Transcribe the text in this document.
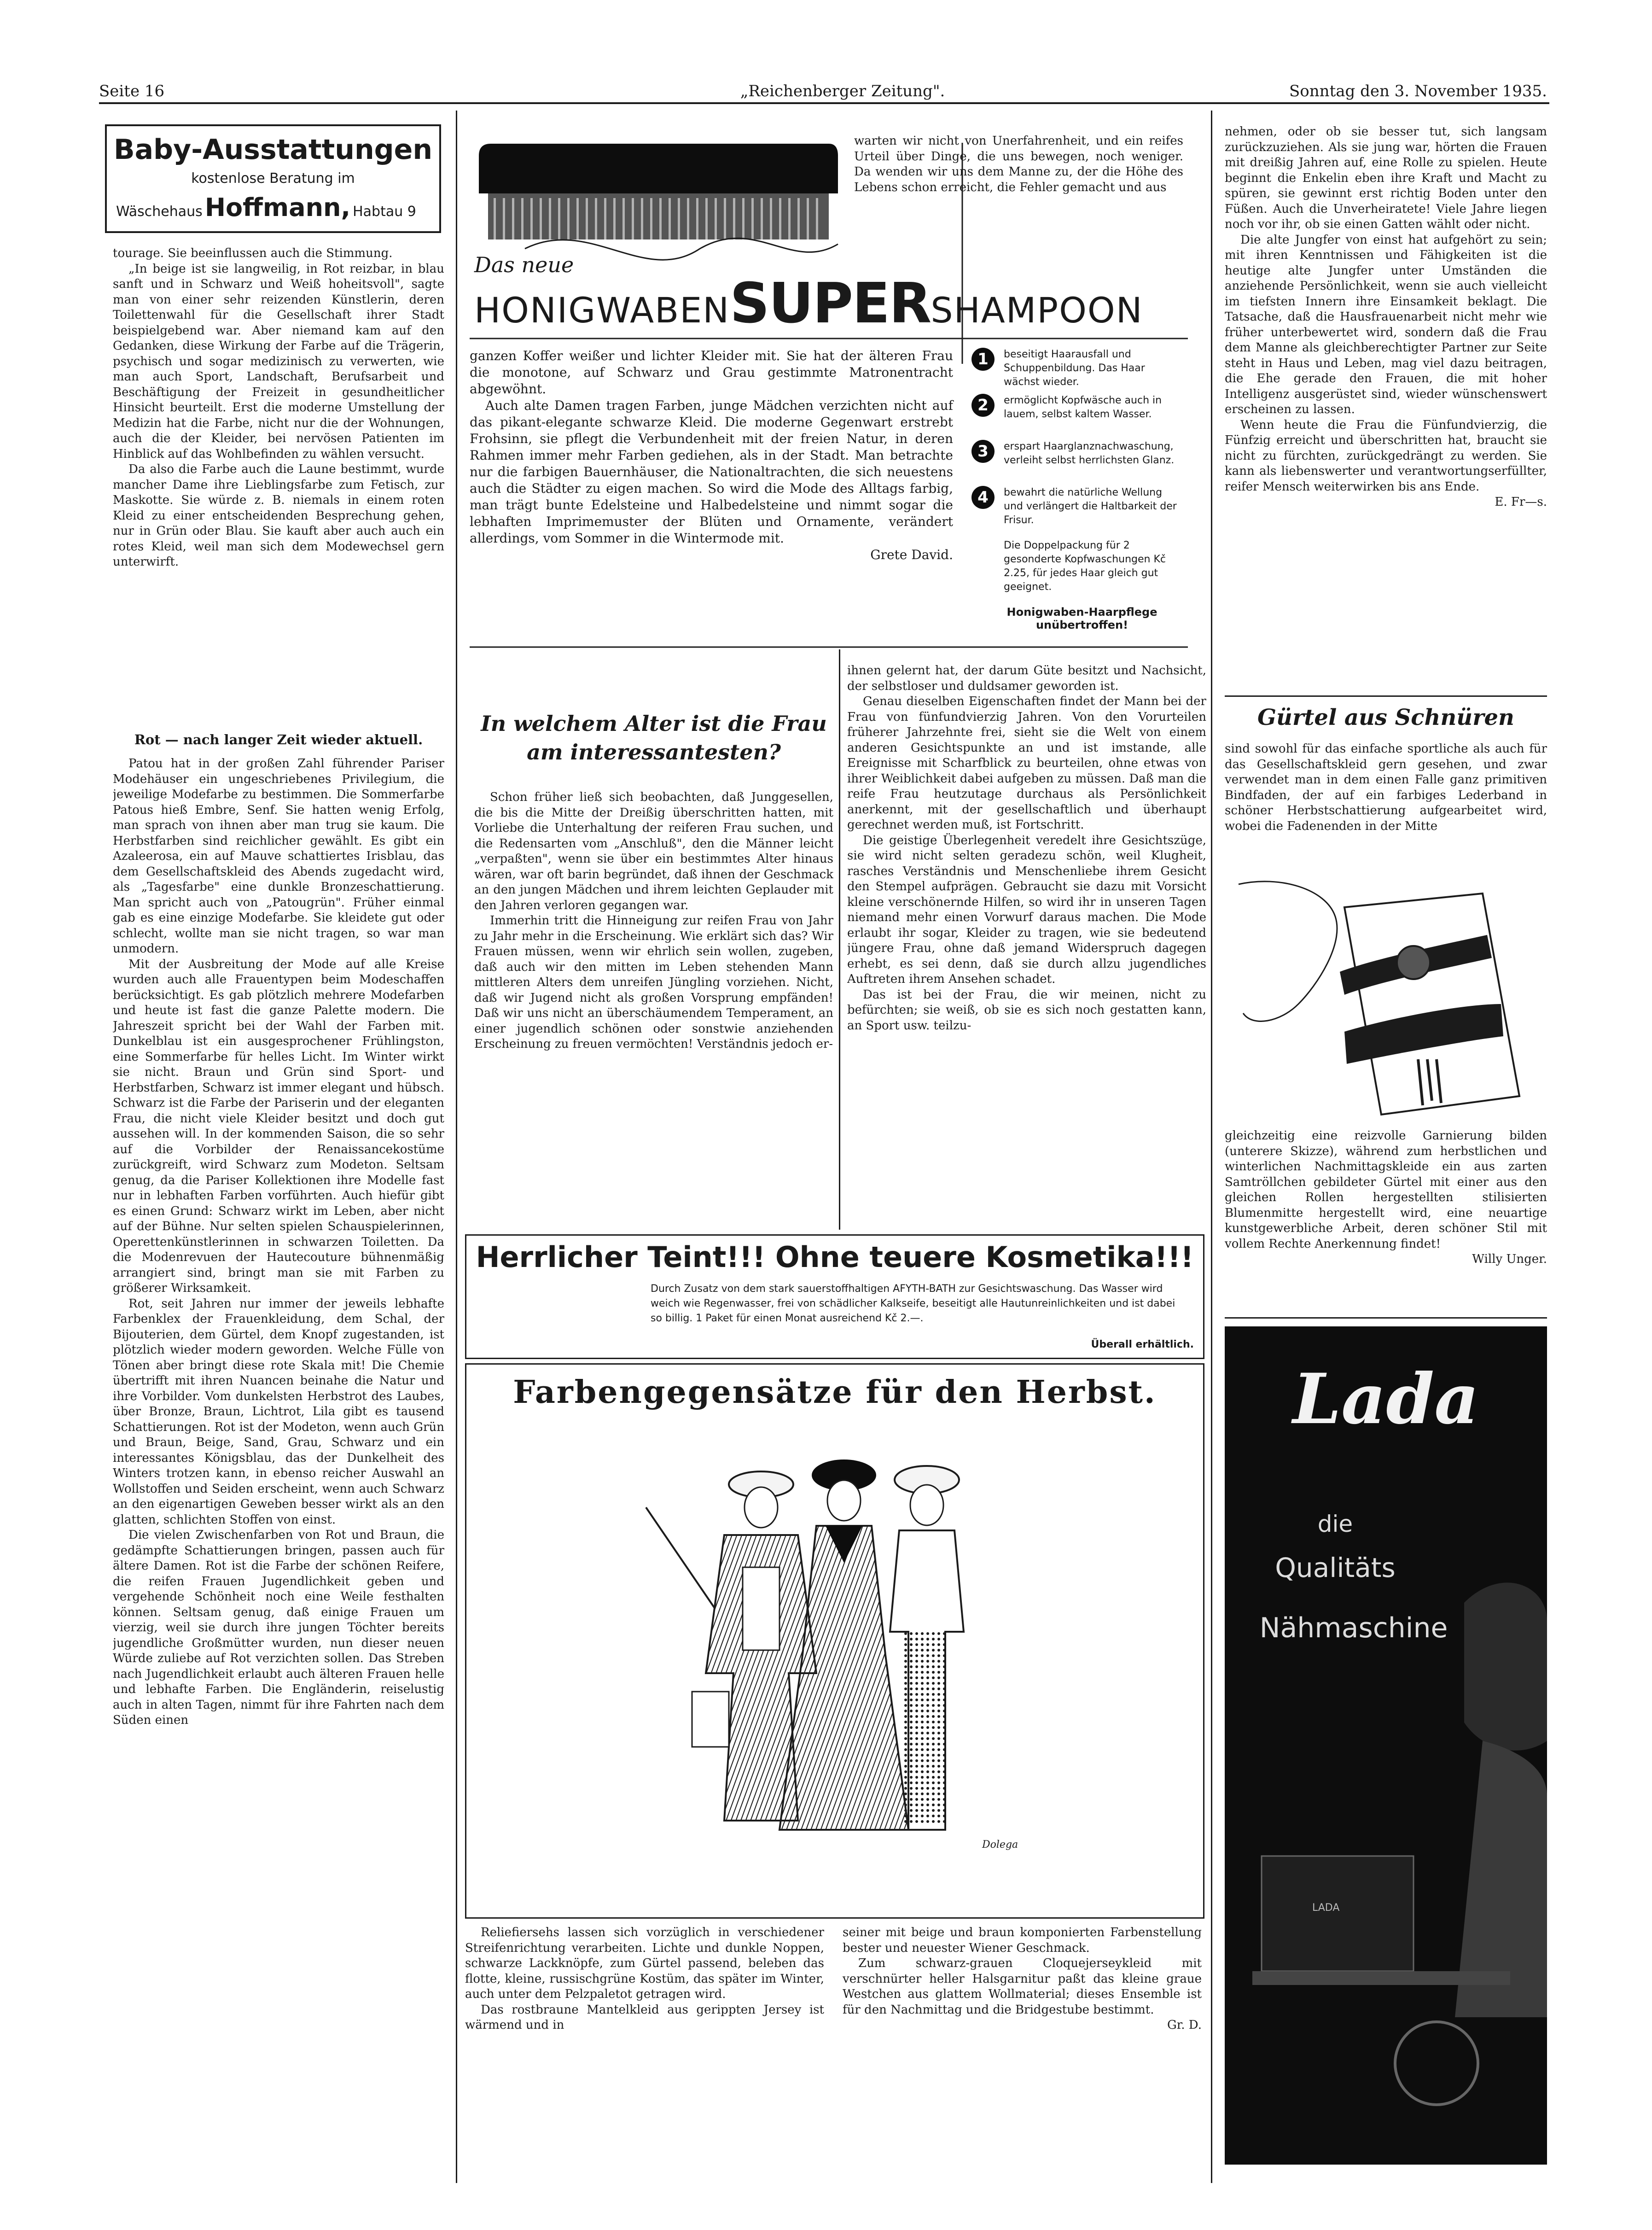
Seite 16	„Reichenberger Zeitung".	Sonntag den 3. November 1935.
Baby-Ausstattungen
kostenlose Beratung im
Wäschehaus Hoffmann, Habtau 9

tourage. Sie beeinflussen auch die Stimmung.

„In beige ist sie langweilig, in Rot reizbar, in blau sanft und in Schwarz und Weiß hoheitsvoll", sagte man von einer sehr reizenden Künstlerin, deren Toilettenwahl für die Gesellschaft ihrer Stadt beispielgebend war. Aber niemand kam auf den Gedanken, diese Wirkung der Farbe auf die Trägerin, psychisch und sogar medizinisch zu verwerten, wie man auch Sport, Landschaft, Berufsarbeit und Beschäftigung der Freizeit in gesundheitlicher Hinsicht beurteilt. Erst die moderne Umstellung der Medizin hat die Farbe, nicht nur die der Wohnungen, auch die der Kleider, bei nervösen Patienten im Hinblick auf das Wohlbefinden zu wählen versucht.

Da also die Farbe auch die Laune bestimmt, wurde mancher Dame ihre Lieblingsfarbe zum Fetisch, zur Maskotte. Sie würde z. B. niemals in einem roten Kleid zu einer entscheidenden Besprechung gehen, nur in Grün oder Blau. Sie kauft aber auch auch ein rotes Kleid, weil man sich dem Modewechsel gern unterwirft.

Rot — nach langer Zeit wieder aktuell.

Patou hat in der großen Zahl führender Pariser Modehäuser ein ungeschriebenes Privilegium, die jeweilige Modefarbe zu bestimmen. Die Sommerfarbe Patous hieß Embre, Senf. Sie hatten wenig Erfolg, man sprach von ihnen aber man trug sie kaum. Die Herbstfarben sind reichlicher gewählt. Es gibt ein Azaleerosa, ein auf Mauve schattiertes Irisblau, das dem Gesellschaftskleid des Abends zugedacht wird, als „Tagesfarbe" eine dunkle Bronzeschattierung. Man spricht auch von „Patougrün". Früher einmal gab es eine einzige Modefarbe. Sie kleidete gut oder schlecht, wollte man sie nicht tragen, so war man unmodern.

Mit der Ausbreitung der Mode auf alle Kreise wurden auch alle Frauentypen beim Modeschaffen berücksichtigt. Es gab plötzlich mehrere Modefarben und heute ist fast die ganze Palette modern. Die Jahreszeit spricht bei der Wahl der Farben mit. Dunkelblau ist ein ausgesprochener Frühlingston, eine Sommerfarbe für helles Licht. Im Winter wirkt sie nicht. Braun und Grün sind Sport- und Herbstfarben, Schwarz ist immer elegant und hübsch. Schwarz ist die Farbe der Pariserin und der eleganten Frau, die nicht viele Kleider besitzt und doch gut aussehen will. In der kommenden Saison, die so sehr auf die Vorbilder der Renaissancekostüme zurückgreift, wird Schwarz zum Modeton. Seltsam genug, da die Pariser Kollektionen ihre Modelle fast nur in lebhaften Farben vorführten. Auch hiefür gibt es einen Grund: Schwarz wirkt im Leben, aber nicht auf der Bühne. Nur selten spielen Schauspielerinnen, Operettenkünstlerinnen in schwarzen Toiletten. Da die Modenrevuen der Hautecouture bühnenmäßig arrangiert sind, bringt man sie mit Farben zu größerer Wirksamkeit.

Rot, seit Jahren nur immer der jeweils lebhafte Farbenklex der Frauenkleidung, dem Schal, der Bijouterien, dem Gürtel, dem Knopf zugestanden, ist plötzlich wieder modern geworden. Welche Fülle von Tönen aber bringt diese rote Skala mit! Die Chemie übertrifft mit ihren Nuancen beinahe die Natur und ihre Vorbilder. Vom dunkelsten Herbstrot des Laubes, über Bronze, Braun, Lichtrot, Lila gibt es tausend Schattierungen. Rot ist der Modeton, wenn auch Grün und Braun, Beige, Sand, Grau, Schwarz und ein interessantes Königsblau, das der Dunkelheit des Winters trotzen kann, in ebenso reicher Auswahl an Wollstoffen und Seiden erscheint, wenn auch Schwarz an den eigenartigen Geweben besser wirkt als an den glatten, schlichten Stoffen von einst.

Die vielen Zwischenfarben von Rot und Braun, die gedämpfte Schattierungen bringen, passen auch für ältere Damen. Rot ist die Farbe der schönen Reifere, die reifen Frauen Jugendlichkeit geben und vergehende Schönheit noch eine Weile festhalten können. Seltsam genug, daß einige Frauen um vierzig, weil sie durch ihre jungen Töchter bereits jugendliche Großmütter wurden, nun dieser neuen Würde zuliebe auf Rot verzichten sollen. Das Streben nach Jugendlichkeit erlaubt auch älteren Frauen helle und lebhafte Farben. Die Engländerin, reiselustig auch in alten Tagen, nimmt für ihre Fahrten nach dem Süden einen

Das neue
HONIGWABENSUPERSHAMPOON

ganzen Koffer weißer und lichter Kleider mit. Sie hat der älteren Frau die monotone, auf Schwarz und Grau gestimmte Matronentracht abgewöhnt.

Auch alte Damen tragen Farben, junge Mädchen verzichten nicht auf das pikant-elegante schwarze Kleid. Die moderne Gegenwart erstrebt Frohsinn, sie pflegt die Verbundenheit mit der freien Natur, in deren Rahmen immer mehr Farben gediehen, als in der Stadt. Man betrachte nur die farbigen Bauernhäuser, die Nationaltrachten, die sich neuestens auch die Städter zu eigen machen. So wird die Mode des Alltags farbig, man trägt bunte Edelsteine und Halbedelsteine und nimmt sogar die lebhaften Imprimemuster der Blüten und Ornamente, verändert allerdings, vom Sommer in die Wintermode mit.

Grete David.

warten wir nicht von Unerfahrenheit, und ein reifes Urteil über Dinge, die uns bewegen, noch weniger. Da wenden wir uns dem Manne zu, der die Höhe des Lebens schon erreicht, die Fehler gemacht und aus

1	beseitigt Haarausfall und Schuppenbildung. Das Haar wächst wieder.
2	ermöglicht Kopfwäsche auch in lauem, selbst kaltem Wasser.
3	erspart Haarglanznachwaschung, verleiht selbst herrlichsten Glanz.
4	bewahrt die natürliche Wellung und verlängert die Haltbarkeit der Frisur.
Die Doppelpackung für 2 gesonderte Kopfwaschungen Kč 2.25, für jedes Haar gleich gut geeignet.
Honigwaben-Haarpflege unübertroffen!
In welchem Alter ist die Frau am interessantesten?

Schon früher ließ sich beobachten, daß Junggesellen, die bis die Mitte der Dreißig überschritten hatten, mit Vorliebe die Unterhaltung der reiferen Frau suchen, und die Redensarten vom „Anschluß", den die Männer leicht „verpaßten", wenn sie über ein bestimmtes Alter hinaus wären, war oft barin begründet, daß ihnen der Geschmack an den jungen Mädchen und ihrem leichten Geplauder mit den Jahren verloren gegangen war.

Immerhin tritt die Hinneigung zur reifen Frau von Jahr zu Jahr mehr in die Erscheinung. Wie erklärt sich das? Wir Frauen müssen, wenn wir ehrlich sein wollen, zugeben, daß auch wir den mitten im Leben stehenden Mann mittleren Alters dem unreifen Jüngling vorziehen. Nicht, daß wir Jugend nicht als großen Vorsprung empfänden! Daß wir uns nicht an überschäumendem Temperament, an einer jugendlich schönen oder sonstwie anziehenden Erscheinung zu freuen vermöchten! Verständnis jedoch er-

ihnen gelernt hat, der darum Güte besitzt und Nachsicht, der selbstloser und duldsamer geworden ist.

Genau dieselben Eigenschaften findet der Mann bei der Frau von fünfundvierzig Jahren. Von den Vorurteilen früherer Jahrzehnte frei, sieht sie die Welt von einem anderen Gesichtspunkte an und ist imstande, alle Ereignisse mit Scharfblick zu beurteilen, ohne etwas von ihrer Weiblichkeit dabei aufgeben zu müssen. Daß man die reife Frau heutzutage durchaus als Persönlichkeit anerkennt, mit der gesellschaftlich und überhaupt gerechnet werden muß, ist Fortschritt.

Die geistige Überlegenheit veredelt ihre Gesichtszüge, sie wird nicht selten geradezu schön, weil Klugheit, rasches Verständnis und Menschenliebe ihrem Gesicht den Stempel aufprägen. Gebraucht sie dazu mit Vorsicht kleine verschönernde Hilfen, so wird ihr in unseren Tagen niemand mehr einen Vorwurf daraus machen. Die Mode erlaubt ihr sogar, Kleider zu tragen, wie sie bedeutend jüngere Frau, ohne daß jemand Widerspruch dagegen erhebt, es sei denn, daß sie durch allzu jugendliches Auftreten ihrem Ansehen schadet.

Das ist bei der Frau, die wir meinen, nicht zu befürchten; sie weiß, ob sie es sich noch gestatten kann, an Sport usw. teilzu-

Herrlicher Teint!!! Ohne teuere Kosmetika!!!
Durch Zusatz von dem stark sauerstoffhaltigen AFYTH-BATH zur Gesichtswaschung. Das Wasser wird weich wie Regenwasser, frei von schädlicher Kalkseife, beseitigt alle Hautunreinlichkeiten und ist dabei so billig. 1 Paket für einen Monat ausreichend Kč 2.—.
Überall erhältlich.
Farbengegensätze für den Herbst.
Dolega

Reliefiersehs lassen sich vorzüglich in verschiedener Streifenrichtung verarbeiten. Lichte und dunkle Noppen, schwarze Lackknöpfe, zum Gürtel passend, beleben das flotte, kleine, russischgrüne Kostüm, das später im Winter, auch unter dem Pelzpaletot getragen wird.

Das rostbraune Mantelkleid aus gerippten Jersey ist wärmend und in

seiner mit beige und braun komponierten Farbenstellung bester und neuester Wiener Geschmack.

Zum schwarz-grauen Cloquejerseykleid mit verschnürter heller Halsgarnitur paßt das kleine graue Westchen aus glattem Wollmaterial; dieses Ensemble ist für den Nachmittag und die Bridgestube bestimmt.

Gr. D.

nehmen, oder ob sie besser tut, sich langsam zurückzuziehen. Als sie jung war, hörten die Frauen mit dreißig Jahren auf, eine Rolle zu spielen. Heute beginnt die Enkelin eben ihre Kraft und Macht zu spüren, sie gewinnt erst richtig Boden unter den Füßen. Auch die Unverheiratete! Viele Jahre liegen noch vor ihr, ob sie einen Gatten wählt oder nicht.

Die alte Jungfer von einst hat aufgehört zu sein; mit ihren Kenntnissen und Fähigkeiten ist die heutige alte Jungfer unter Umständen die anziehende Persönlichkeit, wenn sie auch vielleicht im tiefsten Innern ihre Einsamkeit beklagt. Die Tatsache, daß die Hausfrauenarbeit nicht mehr wie früher unterbewertet wird, sondern daß die Frau dem Manne als gleichberechtigter Partner zur Seite steht in Haus und Leben, mag viel dazu beitragen, die Ehe gerade den Frauen, die mit hoher Intelligenz ausgerüstet sind, wieder wünschenswert erscheinen zu lassen.

Wenn heute die Frau die Fünfundvierzig, die Fünfzig erreicht und überschritten hat, braucht sie nicht zu fürchten, zurückgedrängt zu werden. Sie kann als liebenswerter und verantwortungserfüllter, reifer Mensch weiterwirken bis ans Ende.

E. Fr—s.

Gürtel aus Schnüren

sind sowohl für das einfache sportliche als auch für das Gesellschaftskleid gern gesehen, und zwar verwendet man in dem einen Falle ganz primitiven Bindfaden, der auf ein farbiges Lederband in schöner Herbstschattierung aufgearbeitet wird, wobei die Fadenenden in der Mitte

gleichzeitig eine reizvolle Garnierung bilden (unterere Skizze), während zum herbstlichen und winterlichen Nachmittagskleide ein aus zarten Samtröllchen gebildeter Gürtel mit einer aus den gleichen Rollen hergestellten stilisierten Blumenmitte hergestellt wird, eine neuartige kunstgewerbliche Arbeit, deren schöner Stil mit vollem Rechte Anerkennung findet!

Willy Unger.

Lada
die
Qualitäts
Nähmaschine
LADA
